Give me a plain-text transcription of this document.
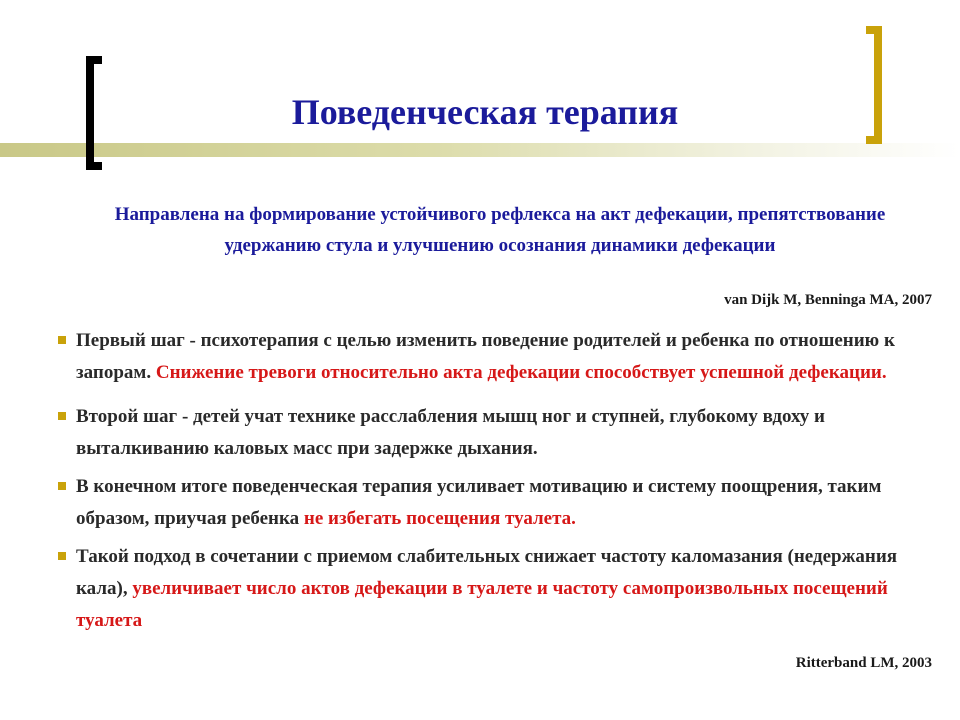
Поведенческая терапия
Направлена на формирование устойчивого рефлекса на акт дефекации, препятствование удержанию стула и улучшению осознания динамики дефекации
van Dijk M, Benninga MA, 2007
Первый шаг - психотерапия с целью изменить поведение родителей и ребенка по отношению к запорам. Снижение тревоги относительно акта дефекации способствует успешной дефекации.
Второй шаг - детей учат технике расслабления мышц ног и ступней, глубокому вдоху и выталкиванию каловых масс при задержке дыхания.
В конечном итоге поведенческая терапия усиливает мотивацию и систему поощрения, таким образом, приучая ребенка не избегать посещения туалета.
Такой подход в сочетании с приемом слабительных снижает частоту каломазания (недержания кала), увеличивает число актов дефекации в туалете и частоту самопроизвольных посещений туалета
Ritterband LM, 2003
